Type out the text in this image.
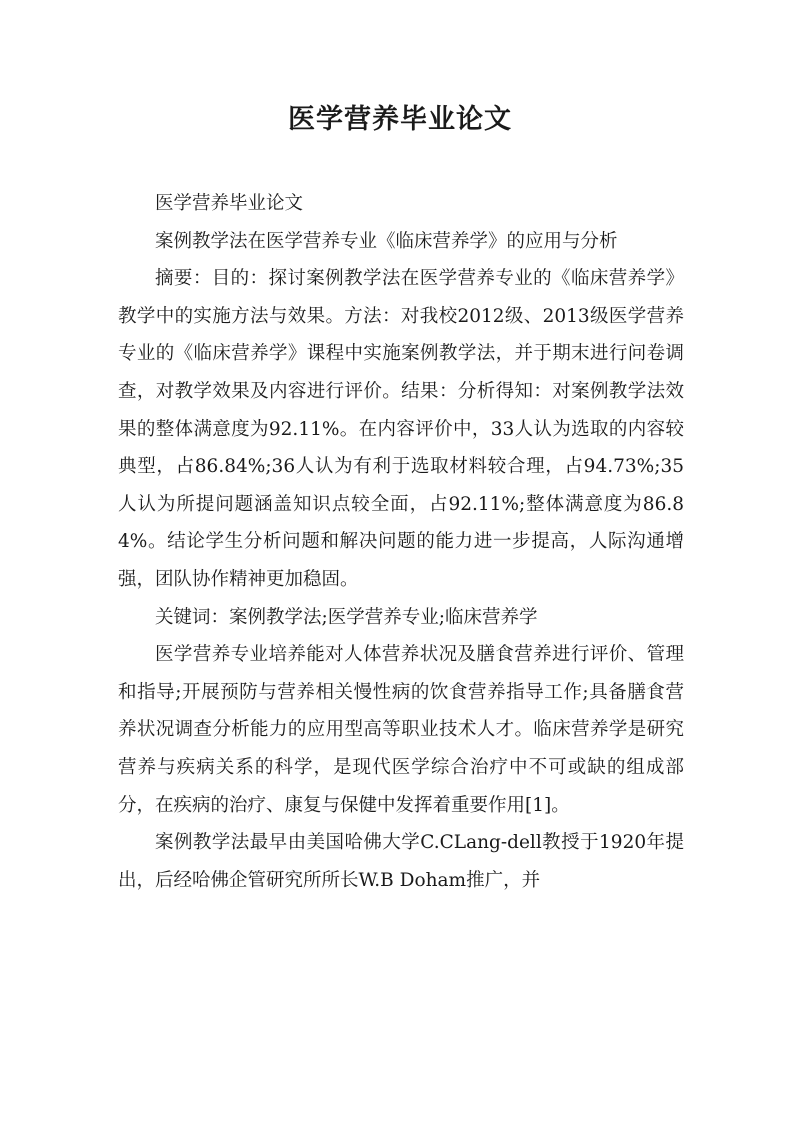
医学营养毕业论文

医学营养毕业论文

案例教学法在医学营养专业《临床营养学》的应用与分析

摘要：目的：探讨案例教学法在医学营养专业的《临床营养学》教学中的实施方法与效果。方法：对我校2012级、2013级医学营养专业的《临床营养学》课程中实施案例教学法，并于期末进行问卷调查，对教学效果及内容进行评价。结果：分析得知：对案例教学法效果的整体满意度为92.11%。在内容评价中，33人认为选取的内容较典型，占86.84%;36人认为有利于选取材料较合理，占94.73%;35人认为所提问题涵盖知识点较全面，占92.11%;整体满意度为86.84%。结论学生分析问题和解决问题的能力进一步提高，人际沟通增强，团队协作精神更加稳固。

关键词：案例教学法;医学营养专业;临床营养学

医学营养专业培养能对人体营养状况及膳食营养进行评价、管理和指导;开展预防与营养相关慢性病的饮食营养指导工作;具备膳食营养状况调查分析能力的应用型高等职业技术人才。临床营养学是研究营养与疾病关系的科学，是现代医学综合治疗中不可或缺的组成部分，在疾病的治疗、康复与保健中发挥着重要作用[1]。

案例教学法最早由美国哈佛大学C.CLang-dell教授于1920年提出，后经哈佛企管研究所所长W.B Doham推广，并
